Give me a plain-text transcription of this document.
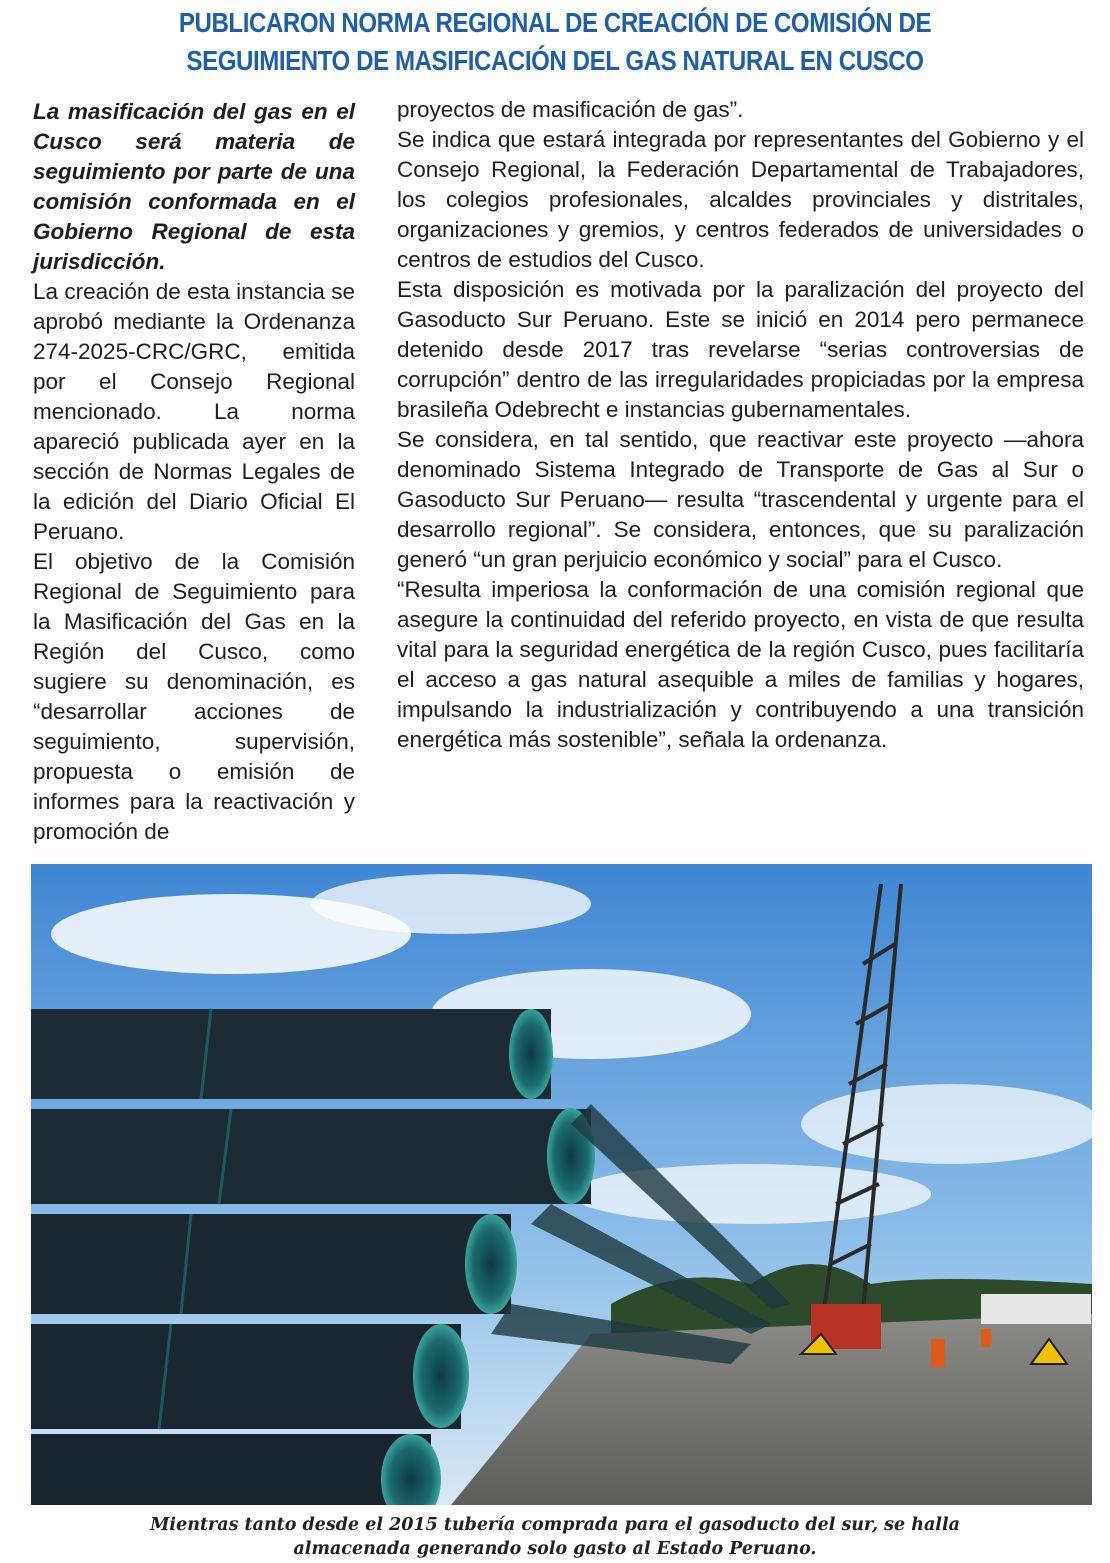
PUBLICARON NORMA REGIONAL DE CREACIÓN DE COMISIÓN DE
SEGUIMIENTO DE MASIFICACIÓN DEL GAS NATURAL EN CUSCO

La masificación del gas en el Cusco será materia de seguimiento por parte de una comisión conformada en el Gobierno Regional de esta jurisdicción.

La creación de esta instancia se aprobó mediante la Ordenanza 274-2025-CRC/GRC, emitida por el Consejo Regional mencionado. La norma apareció publicada ayer en la sección de Normas Legales de la edición del Diario Oficial El Peruano.

El objetivo de la Comisión Regional de Seguimiento para la Masificación del Gas en la Región del Cusco, como sugiere su denominación, es “desarrollar acciones de seguimiento, supervisión, propuesta o emisión de informes para la reactivación y promoción de

proyectos de masificación de gas”.

Se indica que estará integrada por representantes del Gobierno y el Consejo Regional, la Federación Departamental de Trabajadores, los colegios profesionales, alcaldes provinciales y distritales, organizaciones y gremios, y centros federados de universidades o centros de estudios del Cusco.

Esta disposición es motivada por la paralización del proyecto del Gasoducto Sur Peruano. Este se inició en 2014 pero permanece detenido desde 2017 tras revelarse “serias controversias de corrupción” dentro de las irregularidades propiciadas por la empresa brasileña Odebrecht e instancias gubernamentales.

Se considera, en tal sentido, que reactivar este proyecto —ahora denominado Sistema Integrado de Transporte de Gas al Sur o Gasoducto Sur Peruano— resulta “trascendental y urgente para el desarrollo regional”. Se considera, entonces, que su paralización generó “un gran perjuicio económico y social” para el Cusco.

“Resulta imperiosa la conformación de una comisión regional que asegure la continuidad del referido proyecto, en vista de que resulta vital para la seguridad energética de la región Cusco, pues facilitaría el acceso a gas natural asequible a miles de familias y hogares, impulsando la industrialización y contribuyendo a una transición energética más sostenible”, señala la ordenanza.

Mientras tanto desde el 2015 tubería comprada para el gasoducto del sur, se halla
almacenada generando solo gasto al Estado Peruano.
